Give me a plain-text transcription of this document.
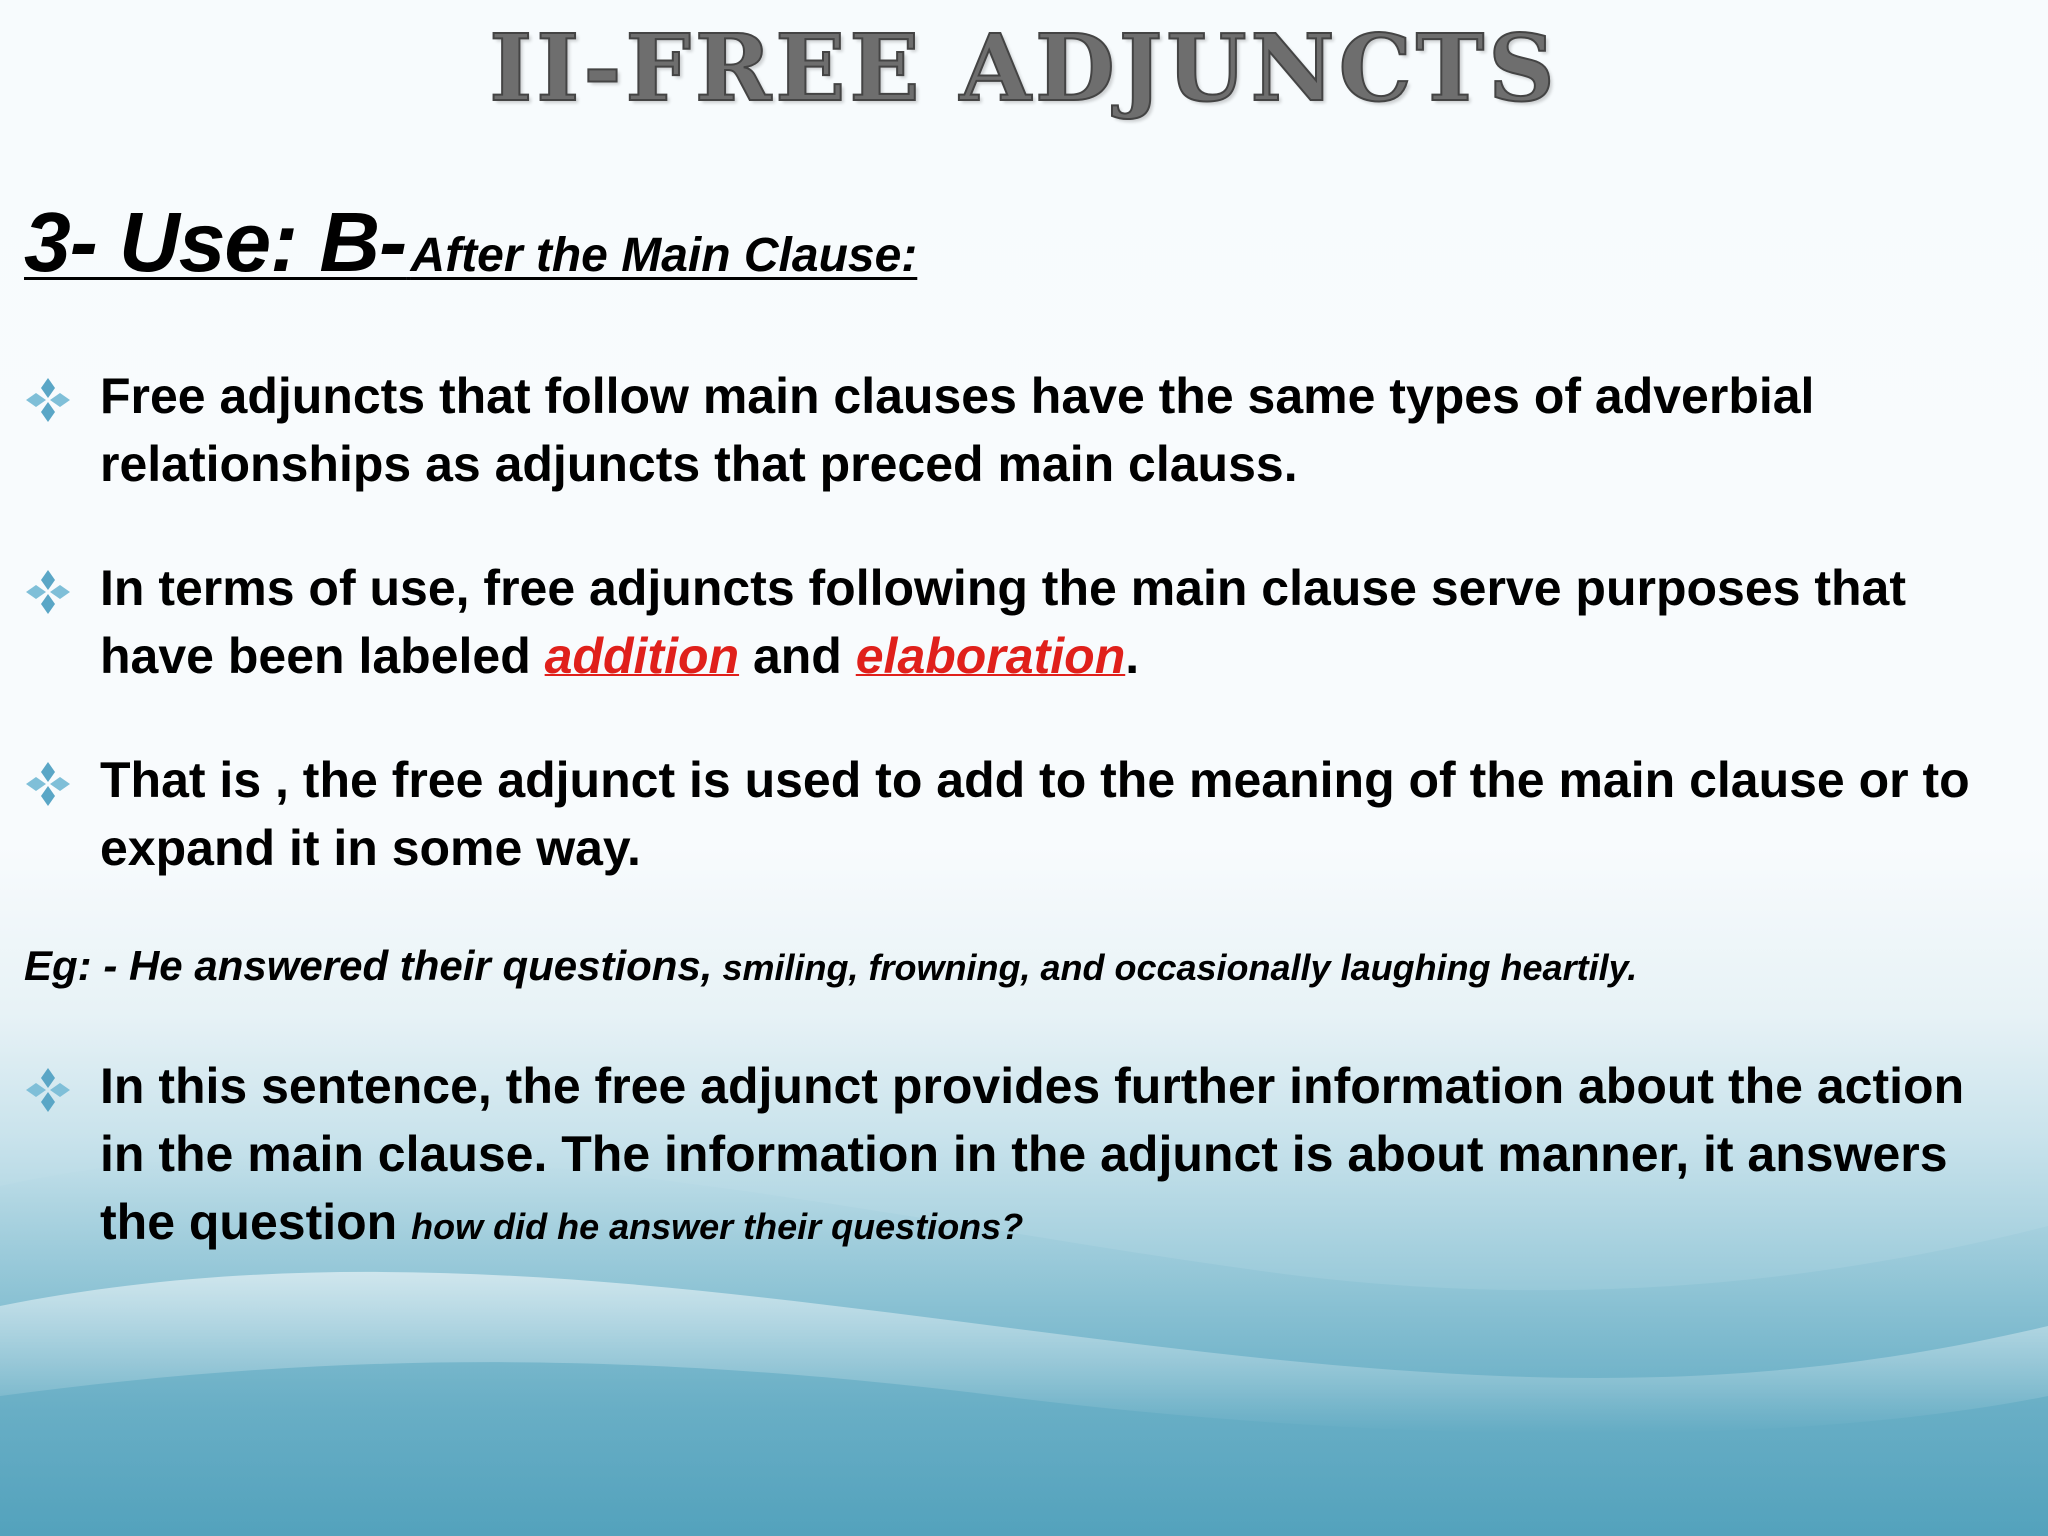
II-FREE ADJUNCTS
3- Use: B- After the Main Clause:
Free adjuncts that follow main clauses have the same types of adverbial relationships as adjuncts that preced main clauss.
In terms of use, free adjuncts following the main clause serve purposes that have been labeled addition and elaboration.
That is , the free adjunct is used to add to the meaning of the main clause or to expand it in some way.
Eg: - He answered their questions, smiling, frowning, and occasionally laughing heartily.
In this sentence, the free adjunct provides further information about the action in the main clause. The information in the adjunct is about manner, it answers the question how did he answer their questions?
